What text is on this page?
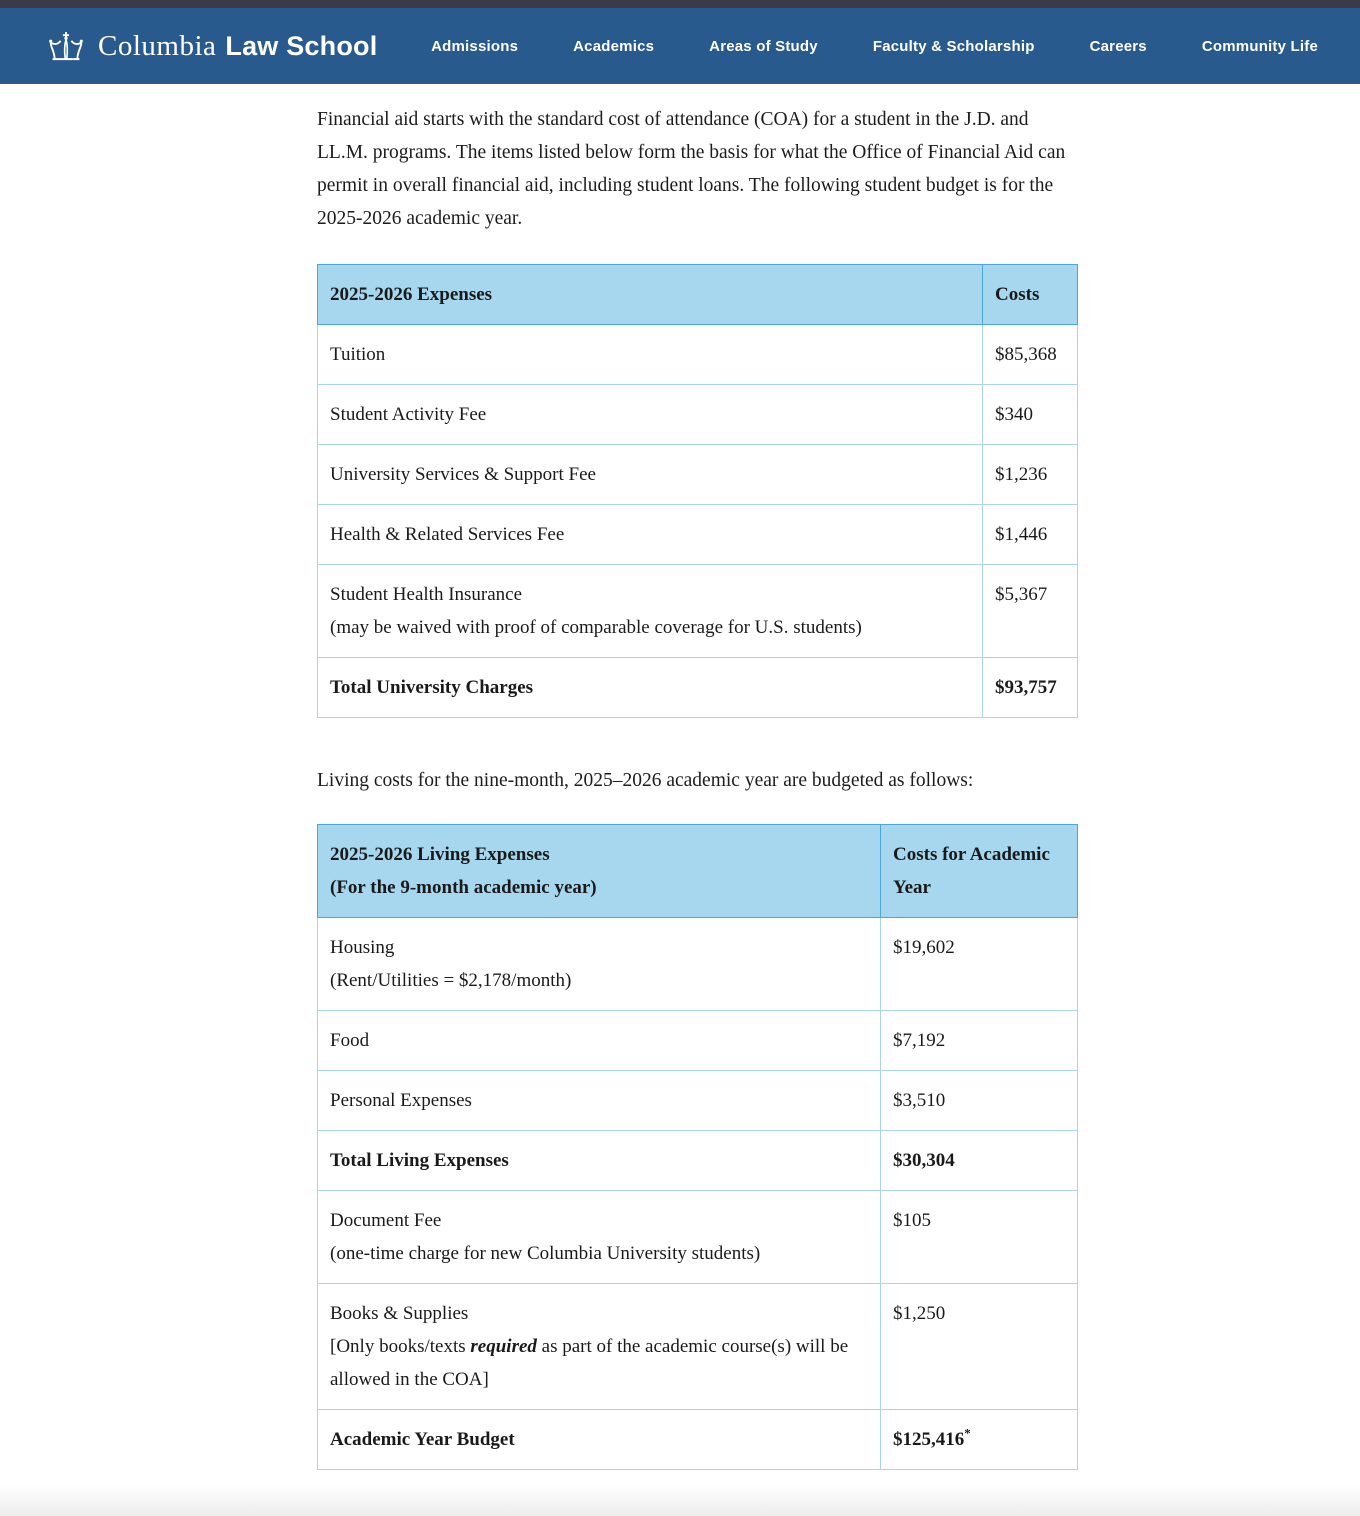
Columbia Law School	Admissions	Academics	Areas of Study	Faculty & Scholarship	Careers	Community Life

Financial aid starts with the standard cost of attendance (COA) for a student in the J.D. and LL.M. programs. The items listed below form the basis for what the Office of Financial Aid can permit in overall financial aid, including student loans. The following student budget is for the 2025-2026 academic year.

2025-2026 Expenses	Costs
Tuition	$85,368
Student Activity Fee	$340
University Services & Support Fee	$1,236
Health & Related Services Fee	$1,446

Student Health Insurance
(may be waived with proof of comparable coverage for U.S. students)	$5,367
Total University Charges	$93,757

Living costs for the nine-month, 2025–2026 academic year are budgeted as follows:

2025-2026 Living Expenses
(For the 9-month academic year)	Costs for Academic Year

Housing
(Rent/Utilities = $2,178/month)	$19,602
Food	$7,192
Personal Expenses	$3,510
Total Living Expenses	$30,304

Document Fee
(one-time charge for new Columbia University students)	$105

Books & Supplies
[Only books/texts required as part of the academic course(s) will be allowed in the COA]	$1,250
Academic Year Budget	$125,416*
